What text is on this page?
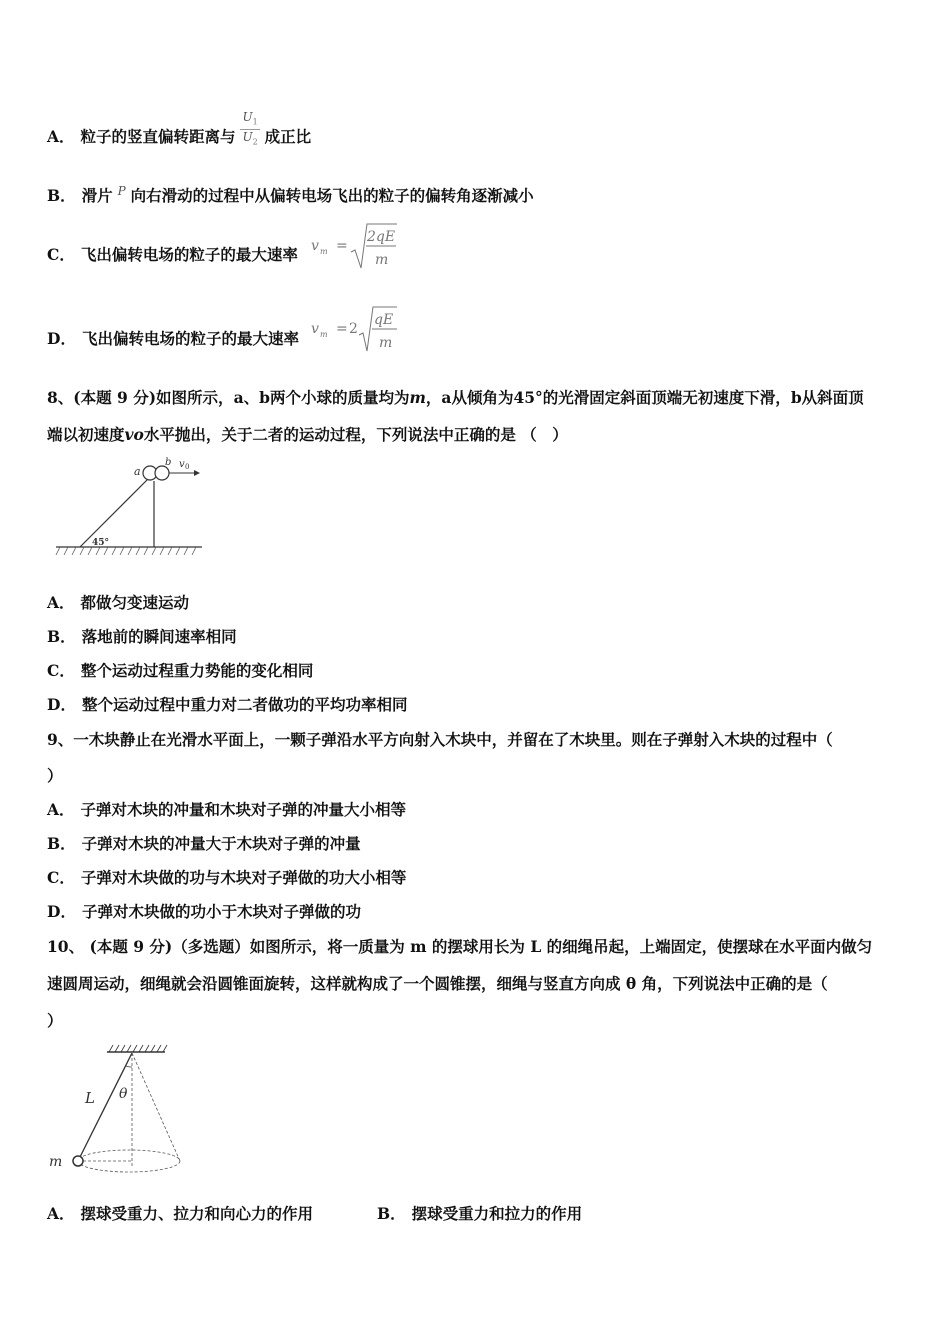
A． 粒子的竖直偏转距离与 $\frac{U_1}{U_2}$ 成正比
B． 滑片 $^P$ 向右滑动的过程中从偏转电场飞出的粒子的偏转角逐渐减小
C． 飞出偏转电场的粒子的最大速率 v m =
2qE
m
D． 飞出偏转电场的粒子的最大速率 v m = 2
qE
m
8、(本题 9 分)如图所示，a、b两个小球的质量均为m，a从倾角为45°的光滑固定斜面顶端无初速度下滑，b从斜面顶
端以初速度vo水平抛出，关于二者的运动过程，下列说法中正确的是 （　）
a
b v 0
45°
A． 都做匀变速运动
B． 落地前的瞬间速率相同
C． 整个运动过程重力势能的变化相同
D． 整个运动过程中重力对二者做功的平均功率相同
9、一木块静止在光滑水平面上，一颗子弹沿水平方向射入木块中，并留在了木块里。则在子弹射入木块的过程中（
）
A． 子弹对木块的冲量和木块对子弹的冲量大小相等
B． 子弹对木块的冲量大于木块对子弹的冲量
C． 子弹对木块做的功与木块对子弹做的功大小相等
D． 子弹对木块做的功小于木块对子弹做的功
10、 (本题 9 分)（多选题）如图所示，将一质量为 m 的摆球用长为 L 的细绳吊起，上端固定，使摆球在水平面内做匀
速圆周运动，细绳就会沿圆锥面旋转，这样就构成了一个圆锥摆，细绳与竖直方向成 θ 角，下列说法中正确的是（
）
L θ
m
A． 摆球受重力、拉力和向心力的作用	B． 摆球受重力和拉力的作用
